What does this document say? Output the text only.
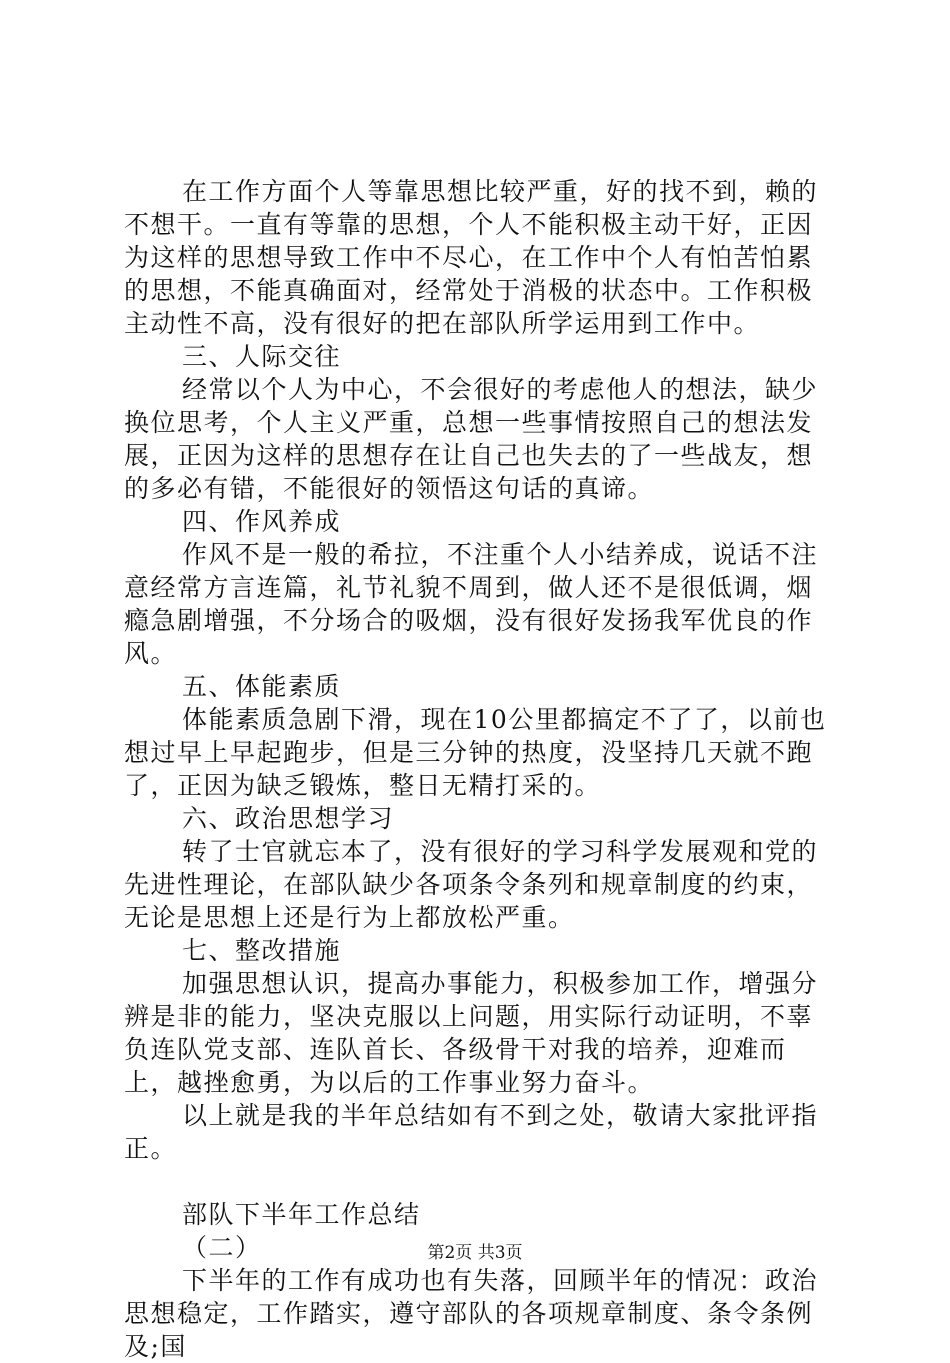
在工作方面个人等靠思想比较严重，好的找不到，赖的不想干。一直有等靠的思想，个人不能积极主动干好，正因为这样的思想导致工作中不尽心，在工作中个人有怕苦怕累的思想，不能真确面对，经常处于消极的状态中。工作积极主动性不高，没有很好的把在部队所学运用到工作中。

三、人际交往

经常以个人为中心，不会很好的考虑他人的想法，缺少换位思考，个人主义严重，总想一些事情按照自己的想法发展，正因为这样的思想存在让自己也失去的了一些战友，想的多必有错，不能很好的领悟这句话的真谛。

四、作风养成

作风不是一般的希拉，不注重个人小结养成，说话不注意经常方言连篇，礼节礼貌不周到，做人还不是很低调，烟瘾急剧增强，不分场合的吸烟，没有很好发扬我军优良的作风。

五、体能素质

体能素质急剧下滑，现在10公里都搞定不了了，以前也想过早上早起跑步，但是三分钟的热度，没坚持几天就不跑了，正因为缺乏锻炼，整日无精打采的。

六、政治思想学习

转了士官就忘本了，没有很好的学习科学发展观和党的先进性理论，在部队缺少各项条令条列和规章制度的约束，无论是思想上还是行为上都放松严重。

七、整改措施

加强思想认识，提高办事能力，积极参加工作，增强分辨是非的能力，坚决克服以上问题，用实际行动证明，不辜负连队党支部、连队首长、各级骨干对我的培养，迎难而上，越挫愈勇，为以后的工作事业努力奋斗。

以上就是我的半年总结如有不到之处，敬请大家批评指正。

部队下半年工作总结

（二）

下半年的工作有成功也有失落，回顾半年的情况：政治思想稳定，工作踏实，遵守部队的各项规章制度、条令条例及;国

第2页 共3页
